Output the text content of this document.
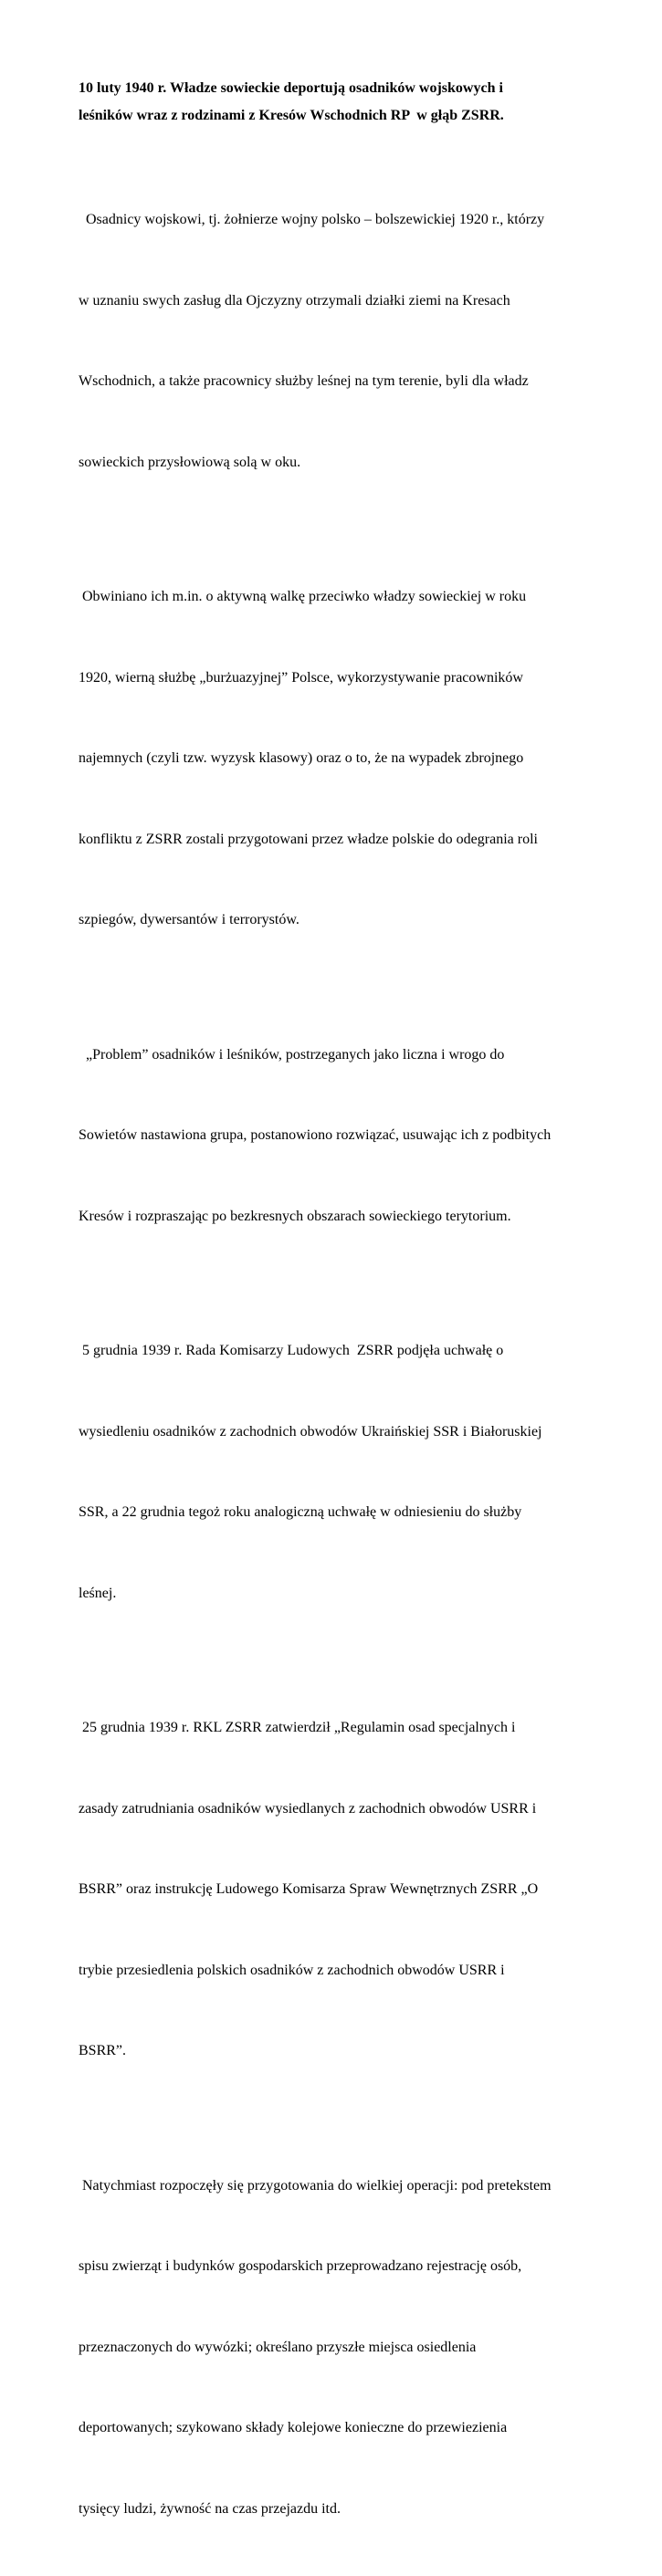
10 luty 1940 r. Władze sowieckie deportują osadników wojskowych i
leśników wraz z rodzinami z Kresów Wschodnich RP  w głąb ZSRR.

Osadnicy wojskowi, tj. żołnierze wojny polsko – bolszewickiej 1920 r., którzy

w uznaniu swych zasług dla Ojczyzny otrzymali działki ziemi na Kresach

Wschodnich, a także pracownicy służby leśnej na tym terenie, byli dla władz

sowieckich przysłowiową solą w oku.

Obwiniano ich m.in. o aktywną walkę przeciwko władzy sowieckiej w roku

1920, wierną służbę „burżuazyjnej” Polsce, wykorzystywanie pracowników

najemnych (czyli tzw. wyzysk klasowy) oraz o to, że na wypadek zbrojnego

konfliktu z ZSRR zostali przygotowani przez władze polskie do odegrania roli

szpiegów, dywersantów i terrorystów.

„Problem” osadników i leśników, postrzeganych jako liczna i wrogo do

Sowietów nastawiona grupa, postanowiono rozwiązać, usuwając ich z podbitych

Kresów i rozpraszając po bezkresnych obszarach sowieckiego terytorium.

5 grudnia 1939 r. Rada Komisarzy Ludowych  ZSRR podjęła uchwałę o

wysiedleniu osadników z zachodnich obwodów Ukraińskiej SSR i Białoruskiej

SSR, a 22 grudnia tegoż roku analogiczną uchwałę w odniesieniu do służby

leśnej.

25 grudnia 1939 r. RKL ZSRR zatwierdził „Regulamin osad specjalnych i

zasady zatrudniania osadników wysiedlanych z zachodnich obwodów USRR i

BSRR” oraz instrukcję Ludowego Komisarza Spraw Wewnętrznych ZSRR „O

trybie przesiedlenia polskich osadników z zachodnich obwodów USRR i

BSRR”.

Natychmiast rozpoczęły się przygotowania do wielkiej operacji: pod pretekstem

spisu zwierząt i budynków gospodarskich przeprowadzano rejestrację osób,

przeznaczonych do wywózki; określano przyszłe miejsca osiedlenia

deportowanych; szykowano składy kolejowe konieczne do przewiezienia

tysięcy ludzi, żywność na czas przejazdu itd.
